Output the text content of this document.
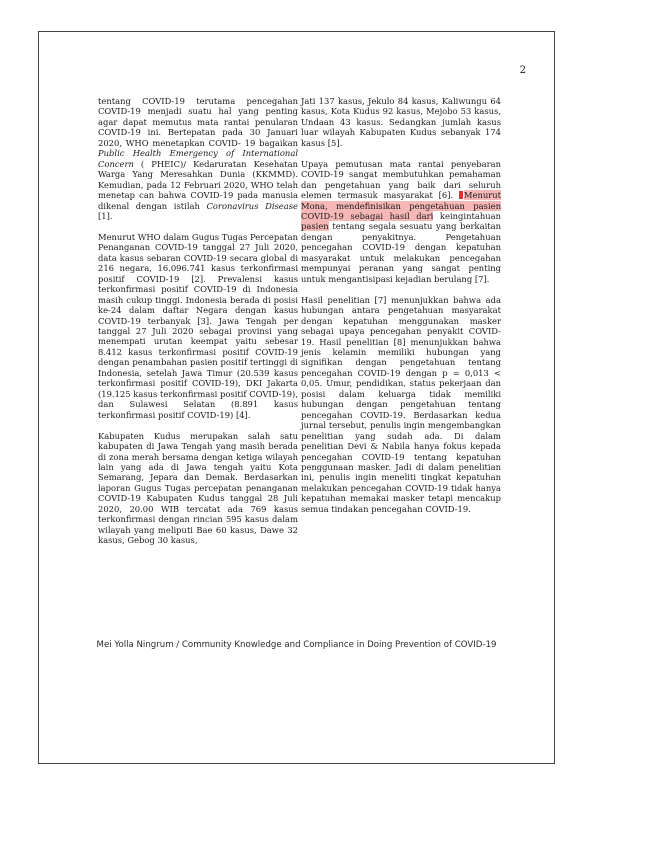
2

tentang COVID-19 terutama pencegahan COVID-19 menjadi suatu hal yang penting agar dapat memutus mata rantai penularan COVID-19 ini. Bertepatan pada 30 Januari 2020, WHO menetapkan COVID- 19 bagaikan Public Health Emergency of International Concern ( PHEIC)/ Kedaruratan Kesehatan Warga Yang Meresahkan Dunia (KKMMD). Kemudian, pada 12 Februari 2020, WHO telah menetap can bahwa COVID-19 pada manusia dikenal dengan istilah Coronavirus Disease [1].

Menurut WHO dalam Gugus Tugas Percepatan Penanganan COVID-19 tanggal 27 Juli 2020, data kasus sebaran COVID-19 secara global di 216 negara, 16.096.741 kasus terkonfirmasi positif COVID-19 [2]. Prevalensi kasus terkonfirmasi positif COVID-19 di Indonesia masih cukup tinggi. Indonesia berada di posisi ke-24 dalam daftar Negara dengan kasus COVID-19 terbanyak [3]. Jawa Tengah per tanggal 27 Juli 2020 sebagai provinsi yang menempati urutan keempat yaitu sebesar 8.412 kasus terkonfirmasi positif COVID-19 dengan penambahan pasien positif tertinggi di Indonesia, setelah Jawa Timur (20.539 kasus terkonfirmasi positif COVID-19), DKI Jakarta (19.125 kasus terkonfirmasi positif COVID-19), dan Sulawesi Selatan (8.891 kasus terkonfirmasi positif COVID-19) [4].

Kabupaten Kudus merupakan salah satu kabupaten di Jawa Tengah yang masih berada di zona merah bersama dengan ketiga wilayah lain yang ada di Jawa tengah yaitu Kota Semarang, Jepara dan Demak. Berdasarkan laporan Gugus Tugas percepatan penanganan COVID-19 Kabupaten Kudus tanggal 28 Juli 2020, 20.00 WIB tercatat ada 769 kasus terkonfirmasi dengan rincian 595 kasus dalam wilayah yang meliputi Bae 60 kasus, Dawe 32 kasus, Gebog 30 kasus,

Jati 137 kasus, Jekulo 84 kasus, Kaliwungu 64 kasus, Kota Kudus 92 kasus, Mejobo 53 kasus, Undaan 43 kasus. Sedangkan jumlah kasus luar wilayah Kabupaten Kudus sebanyak 174 kasus [5].

Upaya pemutusan mata rantai penyebaran COVID-19 sangat membutuhkan pemahaman dan pengetahuan yang baik dari seluruh elemen termasuk masyarakat [6]. Menurut Mona, mendefinisikan pengetahuan pasien COVID-19 sebagai hasil dari keingintahuan pasien tentang segala sesuatu yang berkaitan dengan penyakitnya. Pengetahuan pencegahan COVID-19 dengan kepatuhan masyarakat untuk melakukan pencegahan mempunyai peranan yang sangat penting untuk mengantisipasi kejadian berulang [7].

Hasil penelitian [7] menunjukkan bahwa ada hubungan antara pengetahuan masyarakat dengan kepatuhan menggunakan masker sebagai upaya pencegahan penyakit COVID-19. Hasil penelitian [8] menunjukkan bahwa jenis kelamin memiliki hubungan yang signifikan dengan pengetahuan tentang pencegahan COVID-19 dengan p = 0,013 < 0,05. Umur, pendidikan, status pekerjaan dan posisi dalam keluarga tidak memiliki hubungan dengan pengetahuan tentang pencegahan COVID-19. Berdasarkan kedua jurnal tersebut, penulis ingin mengembangkan penelitian yang sudah ada. Di dalam penelitian Devi & Nabila hanya fokus kepada pencegahan COVID-19 tentang kepatuhan penggunaan masker. Jadi di dalam penelitian ini, penulis ingin meneliti tingkat kepatuhan melakukan pencegahan COVID-19 tidak hanya kepatuhan memakai masker tetapi mencakup semua tindakan pencegahan COVID-19.

Mei Yolla Ningrum / Community Knowledge and Compliance in Doing Prevention of COVID-19
